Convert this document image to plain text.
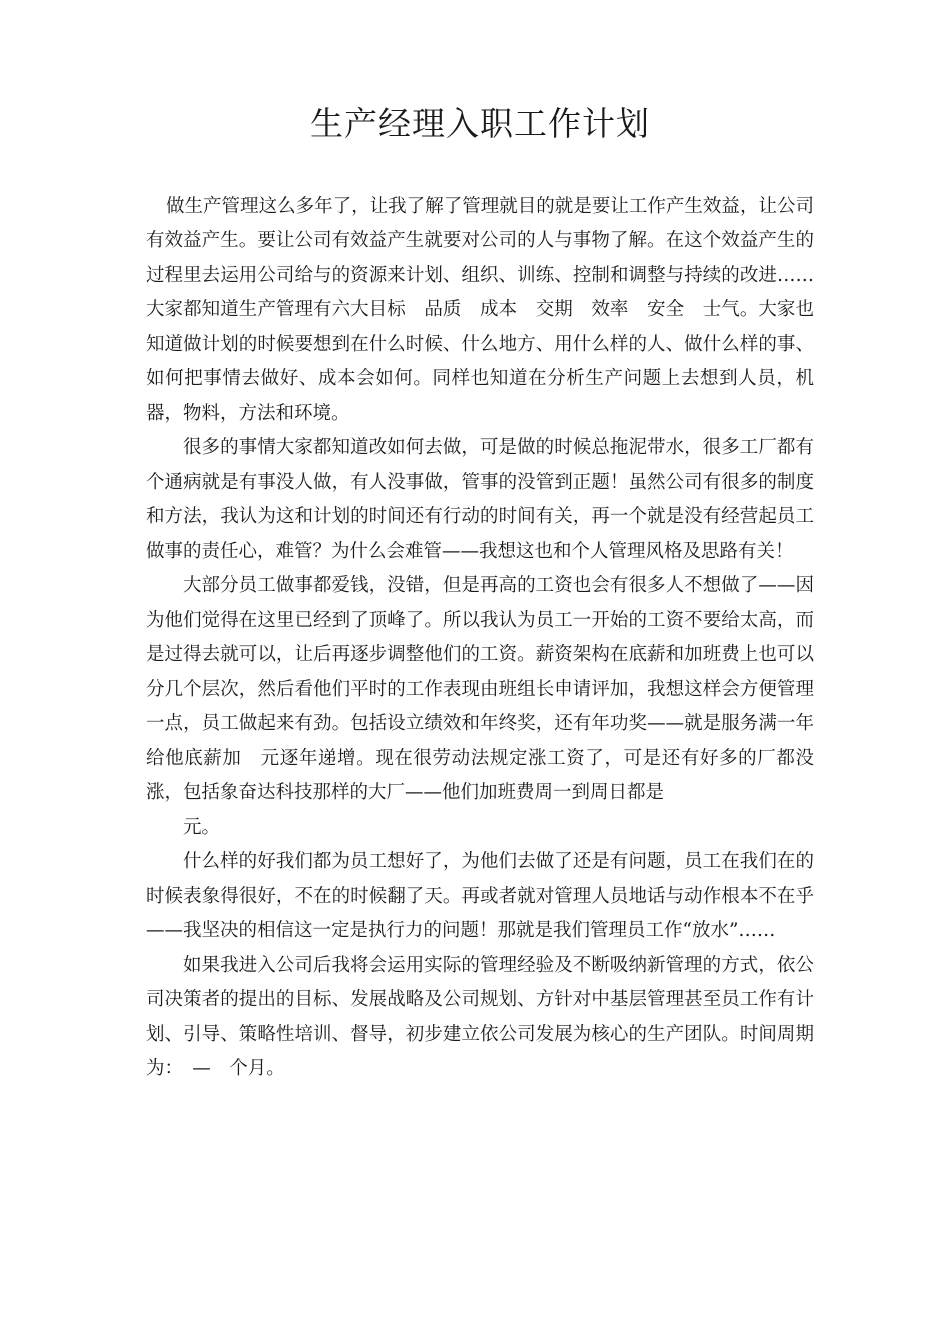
生产经理入职工作计划

做生产管理这么多年了，让我了解了管理就目的就是要让工作产生效益，让公司有效益产生。要让公司有效益产生就要对公司的人与事物了解。在这个效益产生的过程里去运用公司给与的资源来计划、组织、训练、控制和调整与持续的改进……大家都知道生产管理有六大目标　品质　成本　交期　效率　安全　士气。大家也知道做计划的时候要想到在什么时候、什么地方、用什么样的人、做什么样的事、如何把事情去做好、成本会如何。同样也知道在分析生产问题上去想到人员，机器，物料，方法和环境。

很多的事情大家都知道改如何去做，可是做的时候总拖泥带水，很多工厂都有个通病就是有事没人做，有人没事做，管事的没管到正题！虽然公司有很多的制度和方法，我认为这和计划的时间还有行动的时间有关，再一个就是没有经营起员工做事的责任心，难管？为什么会难管——我想这也和个人管理风格及思路有关！

大部分员工做事都爱钱，没错，但是再高的工资也会有很多人不想做了——因为他们觉得在这里已经到了顶峰了。所以我认为员工一开始的工资不要给太高，而是过得去就可以，让后再逐步调整他们的工资。薪资架构在底薪和加班费上也可以分几个层次，然后看他们平时的工作表现由班组长申请评加，我想这样会方便管理一点，员工做起来有劲。包括设立绩效和年终奖，还有年功奖——就是服务满一年给他底薪加　元逐年递增。现在很劳动法规定涨工资了，可是还有好多的厂都没涨，包括象奋达科技那样的大厂——他们加班费周一到周日都是

元。

什么样的好我们都为员工想好了，为他们去做了还是有问题，员工在我们在的时候表象得很好，不在的时候翻了天。再或者就对管理人员地话与动作根本不在乎——我坚决的相信这一定是执行力的问题！那就是我们管理员工作“放水”……

如果我进入公司后我将会运用实际的管理经验及不断吸纳新管理的方式，依公司决策者的提出的目标、发展战略及公司规划、方针对中基层管理甚至员工作有计划、引导、策略性培训、督导，初步建立依公司发展为核心的生产团队。时间周期为：　—　个月。
